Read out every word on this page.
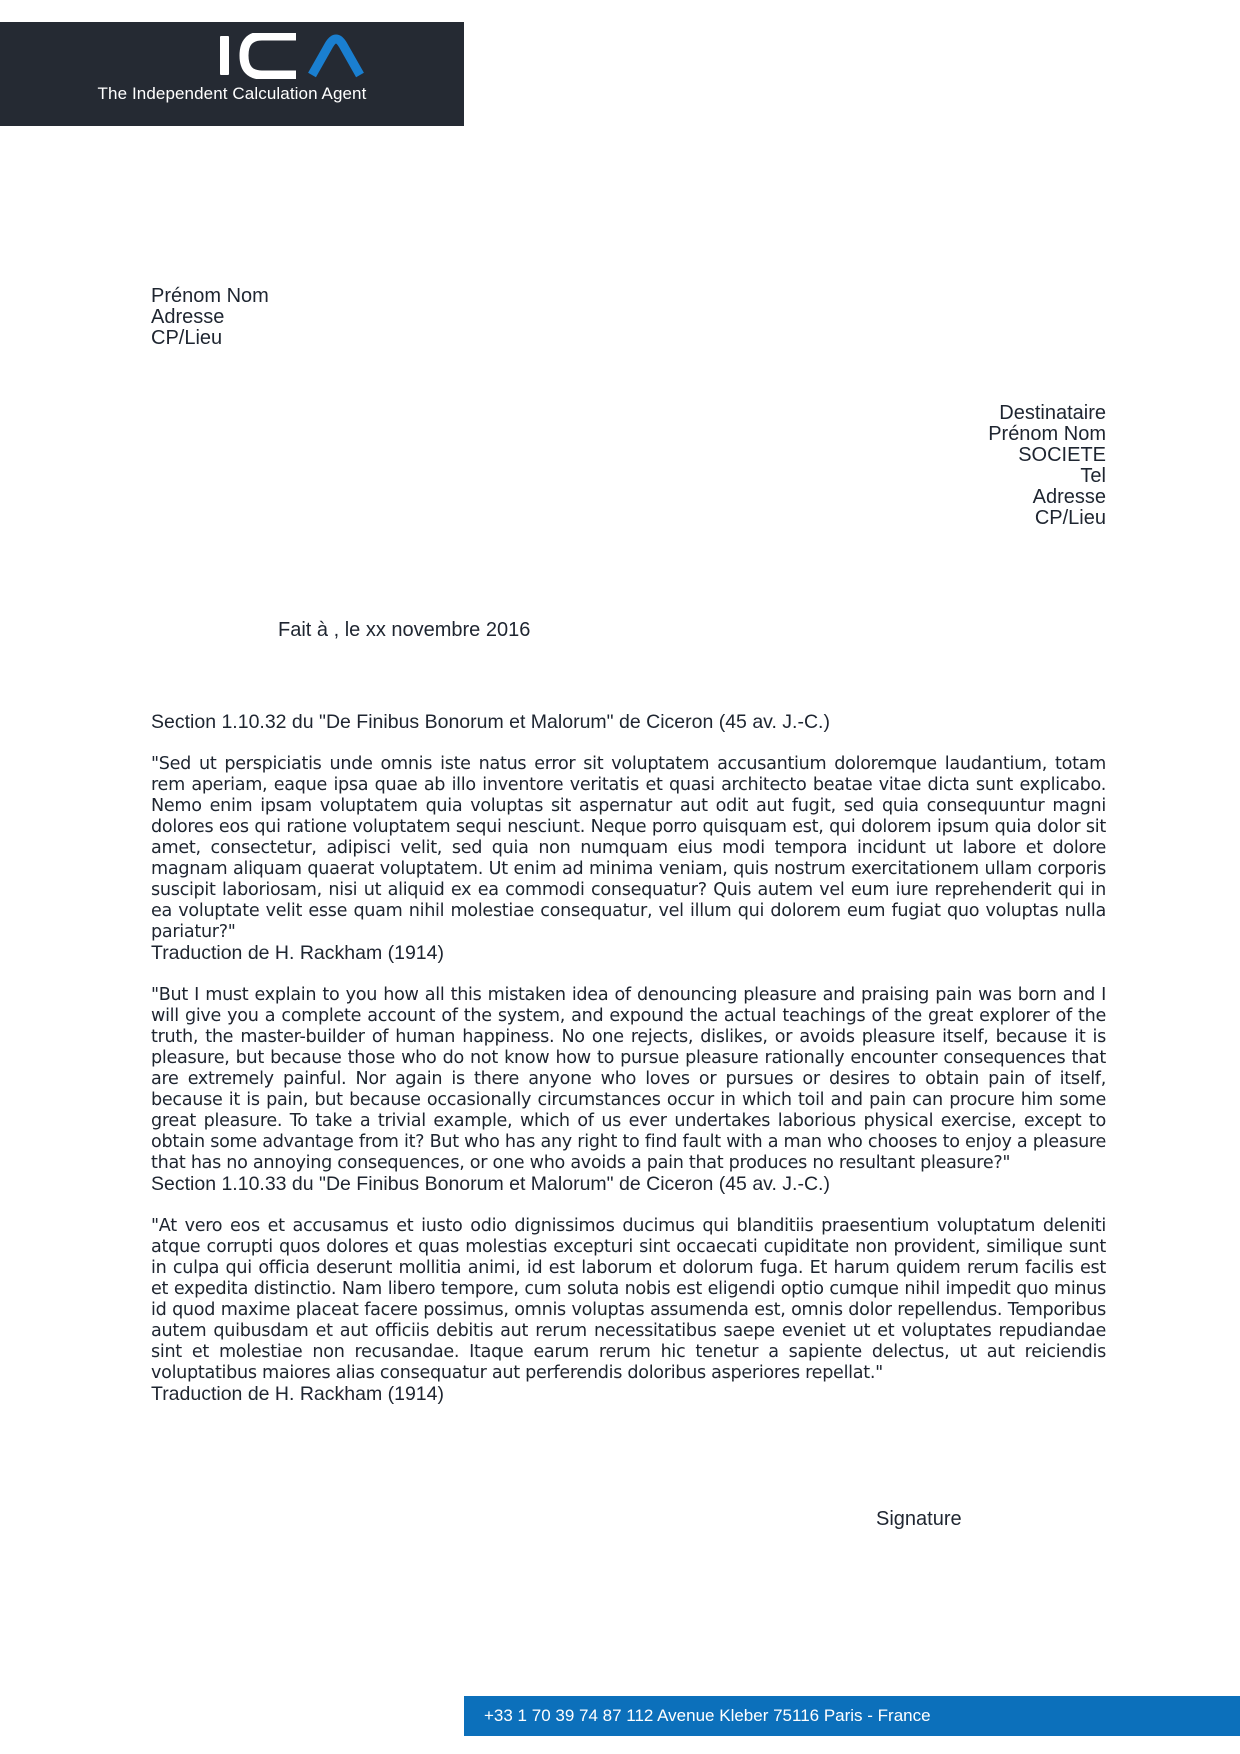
The Independent Calculation Agent
Prénom Nom
Adresse
CP/Lieu
Destinataire
Prénom Nom
SOCIETE
Tel
Adresse
CP/Lieu
Fait à , le xx novembre 2016

Section 1.10.32 du "De Finibus Bonorum et Malorum" de Ciceron (45 av. J.-C.)

"Sed ut perspiciatis unde omnis iste natus error sit voluptatem accusantium doloremque laudantium, totam rem aperiam, eaque ipsa quae ab illo inventore veritatis et quasi architecto beatae vitae dicta sunt explicabo. Nemo enim ipsam voluptatem quia voluptas sit aspernatur aut odit aut fugit, sed quia consequuntur magni dolores eos qui ratione voluptatem sequi nesciunt. Neque porro quisquam est, qui dolorem ipsum quia dolor sit amet, consectetur, adipisci velit, sed quia non numquam eius modi tempora incidunt ut labore et dolore magnam aliquam quaerat voluptatem. Ut enim ad minima veniam, quis nostrum exercitationem ullam corporis suscipit laboriosam, nisi ut aliquid ex ea commodi consequatur? Quis autem vel eum iure reprehenderit qui in ea voluptate velit esse quam nihil molestiae consequatur, vel illum qui dolorem eum fugiat quo voluptas nulla pariatur?"

Traduction de H. Rackham (1914)

"But I must explain to you how all this mistaken idea of denouncing pleasure and praising pain was born and I will give you a complete account of the system, and expound the actual teachings of the great explorer of the truth, the master-builder of human happiness. No one rejects, dislikes, or avoids pleasure itself, because it is pleasure, but because those who do not know how to pursue pleasure rationally encounter consequences that are extremely painful. Nor again is there anyone who loves or pursues or desires to obtain pain of itself, because it is pain, but because occasionally circumstances occur in which toil and pain can procure him some great pleasure. To take a trivial example, which of us ever undertakes laborious physical exercise, except to obtain some advantage from it? But who has any right to find fault with a man who chooses to enjoy a pleasure that has no annoying consequences, or one who avoids a pain that produces no resultant pleasure?"

Section 1.10.33 du "De Finibus Bonorum et Malorum" de Ciceron (45 av. J.-C.)

"At vero eos et accusamus et iusto odio dignissimos ducimus qui blanditiis praesentium voluptatum deleniti atque corrupti quos dolores et quas molestias excepturi sint occaecati cupiditate non provident, similique sunt in culpa qui officia deserunt mollitia animi, id est laborum et dolorum fuga. Et harum quidem rerum facilis est et expedita distinctio. Nam libero tempore, cum soluta nobis est eligendi optio cumque nihil impedit quo minus id quod maxime placeat facere possimus, omnis voluptas assumenda est, omnis dolor repellendus. Temporibus autem quibusdam et aut officiis debitis aut rerum necessitatibus saepe eveniet ut et voluptates repudiandae sint et molestiae non recusandae. Itaque earum rerum hic tenetur a sapiente delectus, ut aut reiciendis voluptatibus maiores alias consequatur aut perferendis doloribus asperiores repellat."

Traduction de H. Rackham (1914)

Signature
+33 1 70 39 74 87 112 Avenue Kleber 75116 Paris - France
